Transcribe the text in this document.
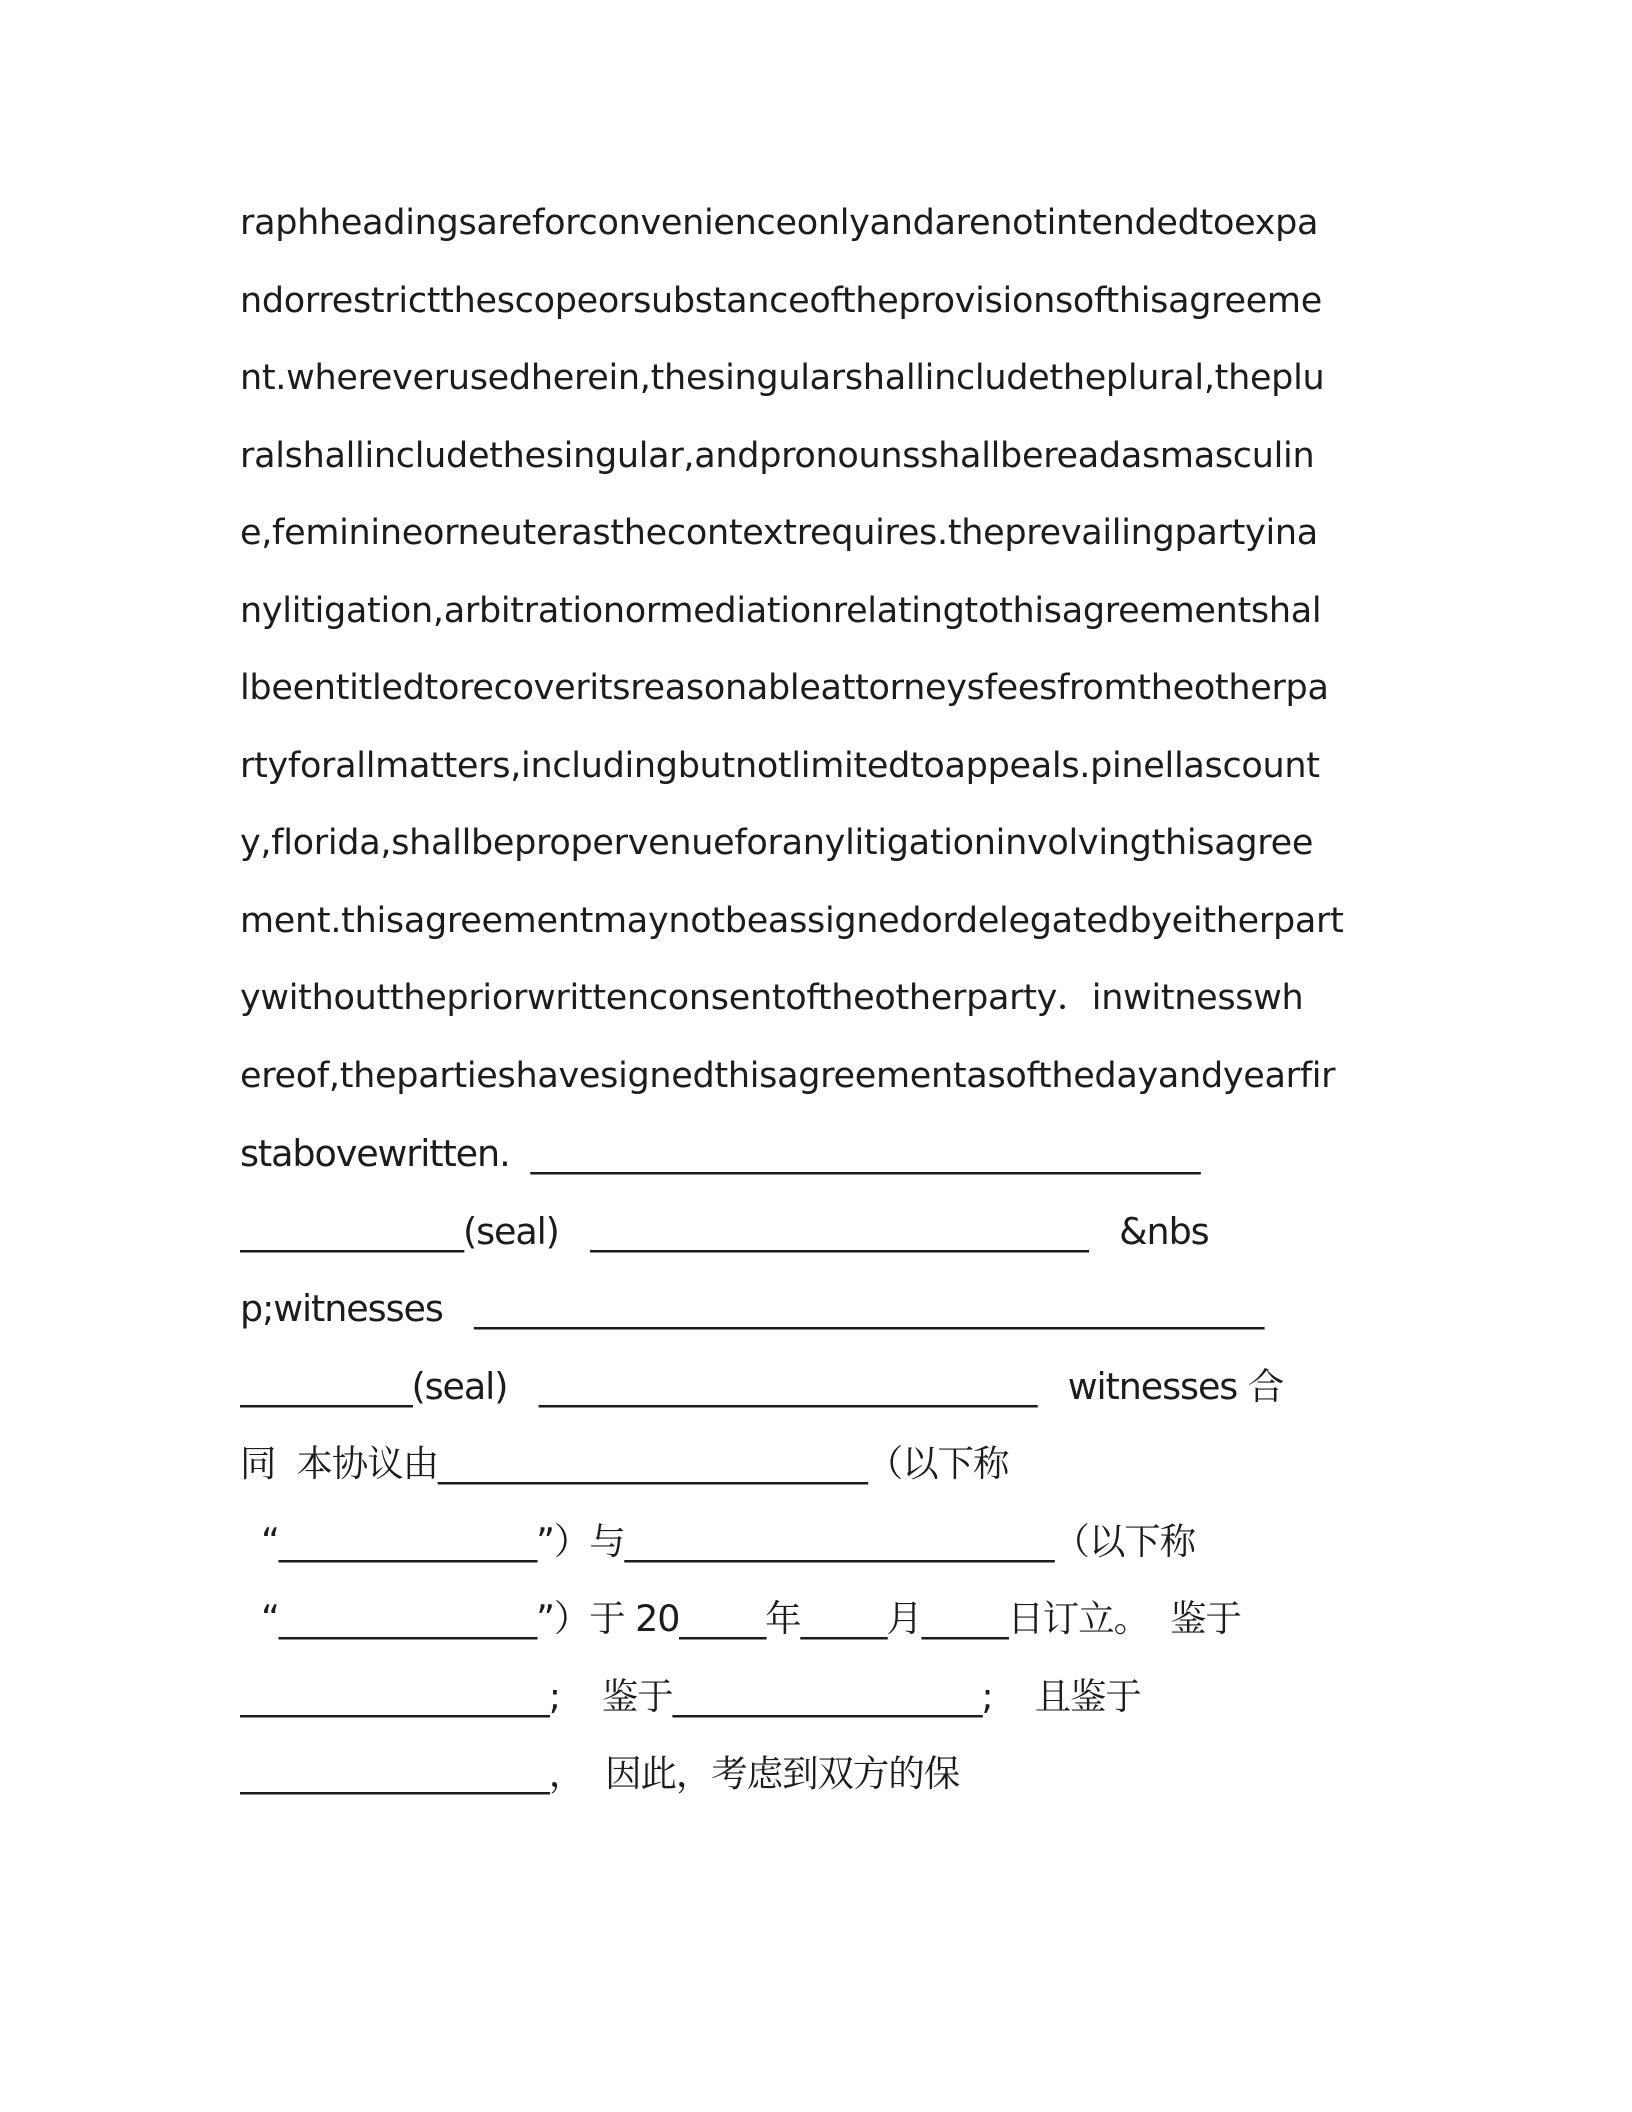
raphheadingsareforconvenienceonlyandarenotintendedtoexpa
ndorrestrictthescopeorsubstanceoftheprovisionsofthisagreeme
nt.whereverusedherein,thesingularshallincludetheplural,theplu
ralshallincludethesingular,andpronounsshallbereadasmasculin
e,feminineorneuterasthecontextrequires.theprevailingpartyina
nylitigation,arbitrationormediationrelatingtothisagreementshal
lbeentitledtorecoveritsreasonableattorneysfeesfromtheotherpa
rtyforallmatters,includingbutnotlimitedtoappeals.pinellascount
y,florida,shallbepropervenueforanylitigationinvolvingthisagree
ment.thisagreementmaynotbeassignedordelegatedbyeitherpart
ywithoutthepriorwrittenconsentoftheotherparty．inwitnesswh
ereof,thepartieshavesignedthisagreementasofthedayandyearfir
stabovewritten.  _______________________________________
_____________(seal)   _____________________________   &nbs
p;witnesses   ______________________________________________
__________(seal)   _____________________________   witnesses 合
同  本协议由_________________________（以下称
“_______________”）与_________________________（以下称
“_______________”）于 20_____年_____月_____日订立。  鉴于
__________________;    鉴于__________________;    且鉴于
__________________，  因此，考虑到双方的保
